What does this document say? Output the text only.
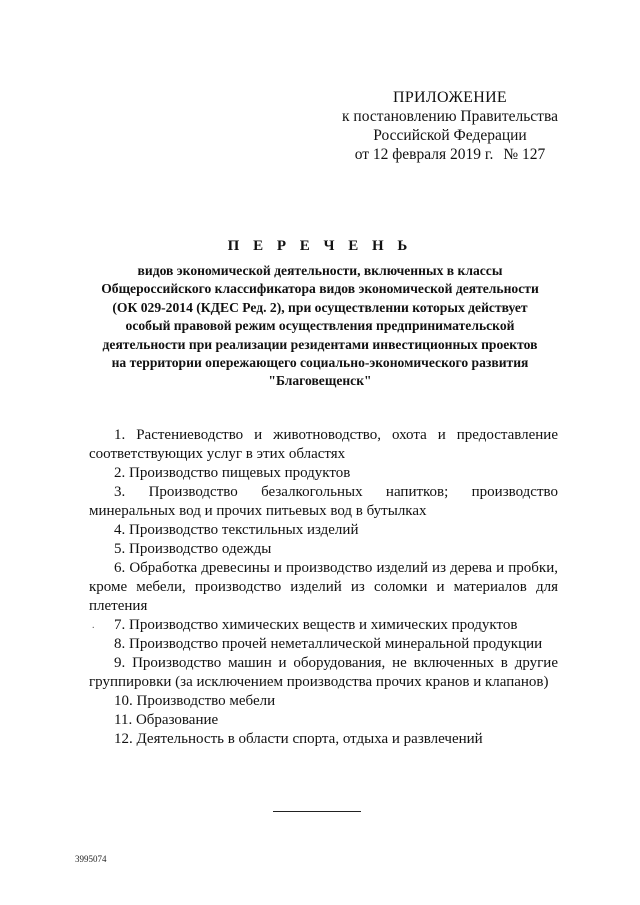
ПРИЛОЖЕНИЕ
к постановлению Правительства
Российской Федерации
от 12 февраля 2019 г. № 127
П Е Р Е Ч Е Н Ь
видов экономической деятельности, включенных в классы
Общероссийского классификатора видов экономической деятельности
(ОК 029-2014 (КДЕС Ред. 2), при осуществлении которых действует
особый правовой режим осуществления предпринимательской
деятельности при реализации резидентами инвестиционных проектов
на территории опережающего социально-экономического развития
"Благовещенск"
1. Растениеводство и животноводство, охота и предоставление соответствующих услуг в этих областях
2. Производство пищевых продуктов
3. Производство безалкогольных напитков; производство минеральных вод и прочих питьевых вод в бутылках
4. Производство текстильных изделий
5. Производство одежды
6. Обработка древесины и производство изделий из дерева и пробки, кроме мебели, производство изделий из соломки и материалов для плетения
. 7. Производство химических веществ и химических продуктов
8. Производство прочей неметаллической минеральной продукции
9. Производство машин и оборудования, не включенных в другие группировки (за исключением производства прочих кранов и клапанов)
10. Производство мебели
11. Образование
12. Деятельность в области спорта, отдыха и развлечений
3995074
